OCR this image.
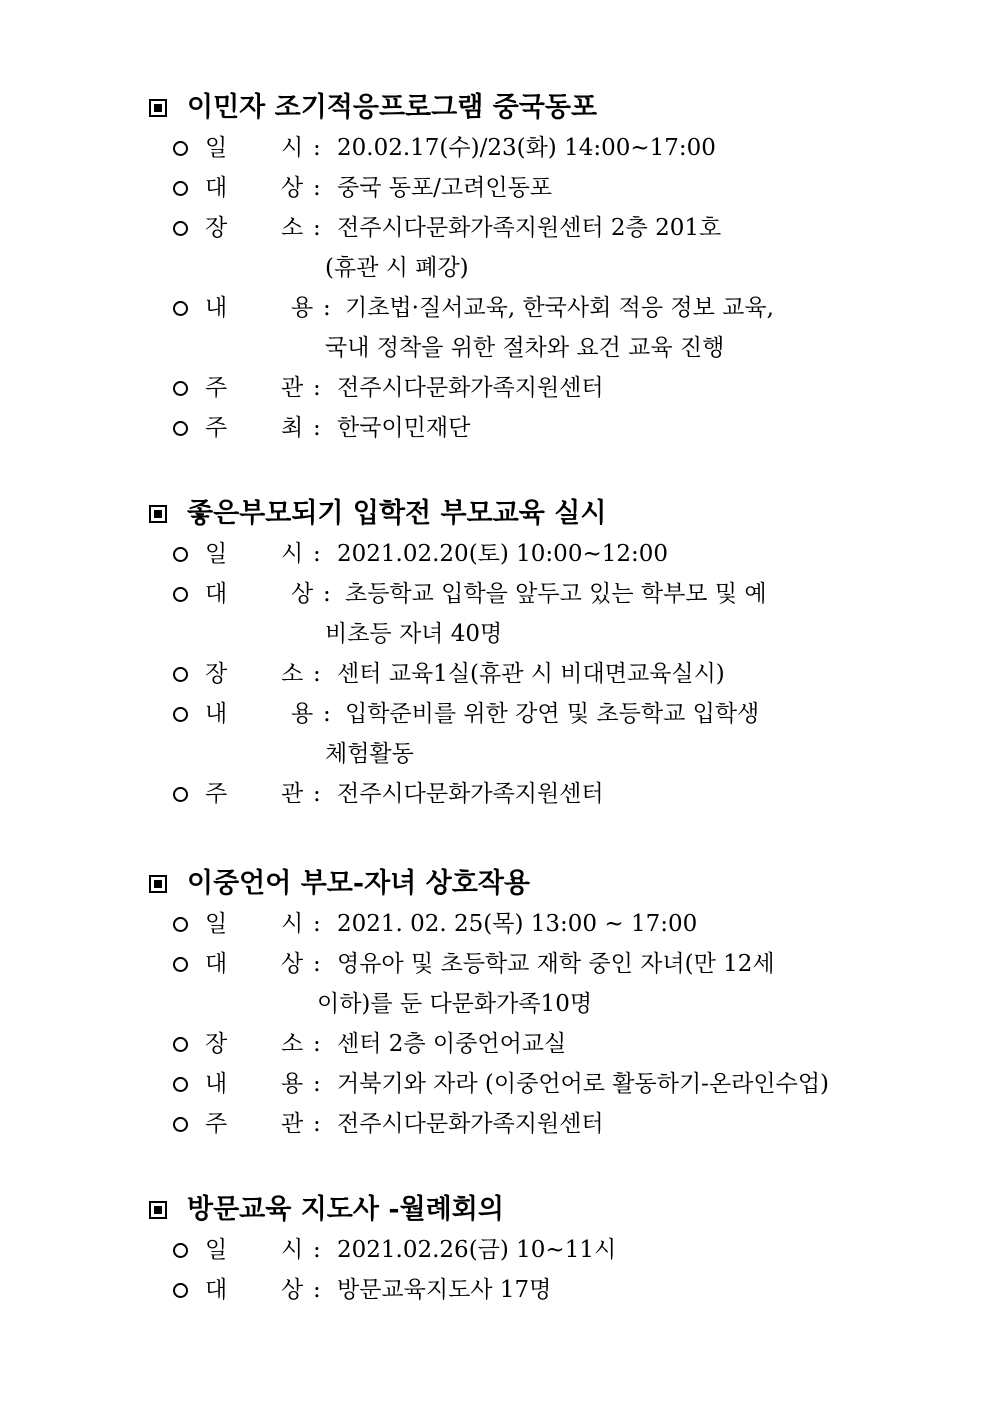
이민자 조기적응프로그램 중국동포
일 시 : 20.02.17(수)/23(화) 14:00~17:00
대 상 : 중국 동포/고려인동포
장 소 : 전주시다문화가족지원센터 2층 201호
(휴관 시 폐강)
내	용 : 기초법·질서교육, 한국사회 적응 정보 교육,
국내 정착을 위한 절차와 요건 교육 진행
주 관 : 전주시다문화가족지원센터
주 최 : 한국이민재단
좋은부모되기 입학전 부모교육 실시
일 시 : 2021.02.20(토) 10:00~12:00
대	상 : 초등학교 입학을 앞두고 있는 학부모 및 예
비초등 자녀 40명
장 소 : 센터 교육1실(휴관 시 비대면교육실시)
내	용 : 입학준비를 위한 강연 및 초등학교 입학생
체험활동
주 관 : 전주시다문화가족지원센터
이중언어 부모-자녀 상호작용
일 시 : 2021. 02. 25(목) 13:00 ~ 17:00
대 상 : 영유아 및 초등학교 재학 중인 자녀(만 12세
이하)를 둔 다문화가족10명
장 소 : 센터 2층 이중언어교실
내 용 : 거북기와 자라 (이중언어로 활동하기-온라인수업)
주 관 : 전주시다문화가족지원센터
방문교육 지도사 -월례회의
일 시 : 2021.02.26(금) 10~11시
대 상 : 방문교육지도사 17명
